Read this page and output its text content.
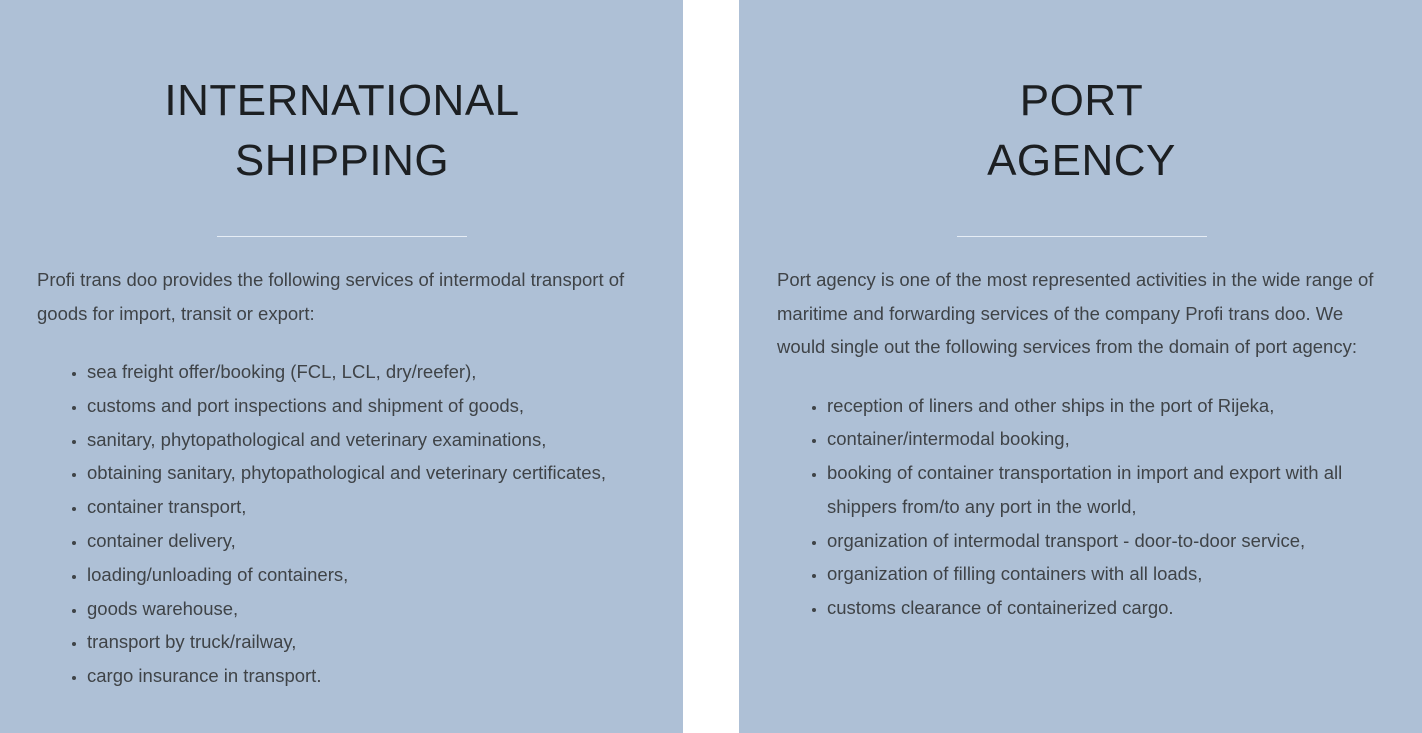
INTERNATIONAL
SHIPPING

Profi trans doo provides the following services of intermodal transport of goods for import, transit or export:

• sea freight offer/booking (FCL, LCL, dry/reefer),
• customs and port inspections and shipment of goods,
• sanitary, phytopathological and veterinary examinations,
• obtaining sanitary, phytopathological and veterinary certificates,
• container transport,
• container delivery,
• loading/unloading of containers,
• goods warehouse,
• transport by truck/railway,
• cargo insurance in transport.
PORT
AGENCY

Port agency is one of the most represented activities in the wide range of maritime and forwarding services of the company Profi trans doo. We would single out the following services from the domain of port agency:

• reception of liners and other ships in the port of Rijeka,
• container/intermodal booking,
• booking of container transportation in import and export with all shippers from/to any port in the world,
• organization of intermodal transport - door-to-door service,
• organization of filling containers with all loads,
• customs clearance of containerized cargo.
